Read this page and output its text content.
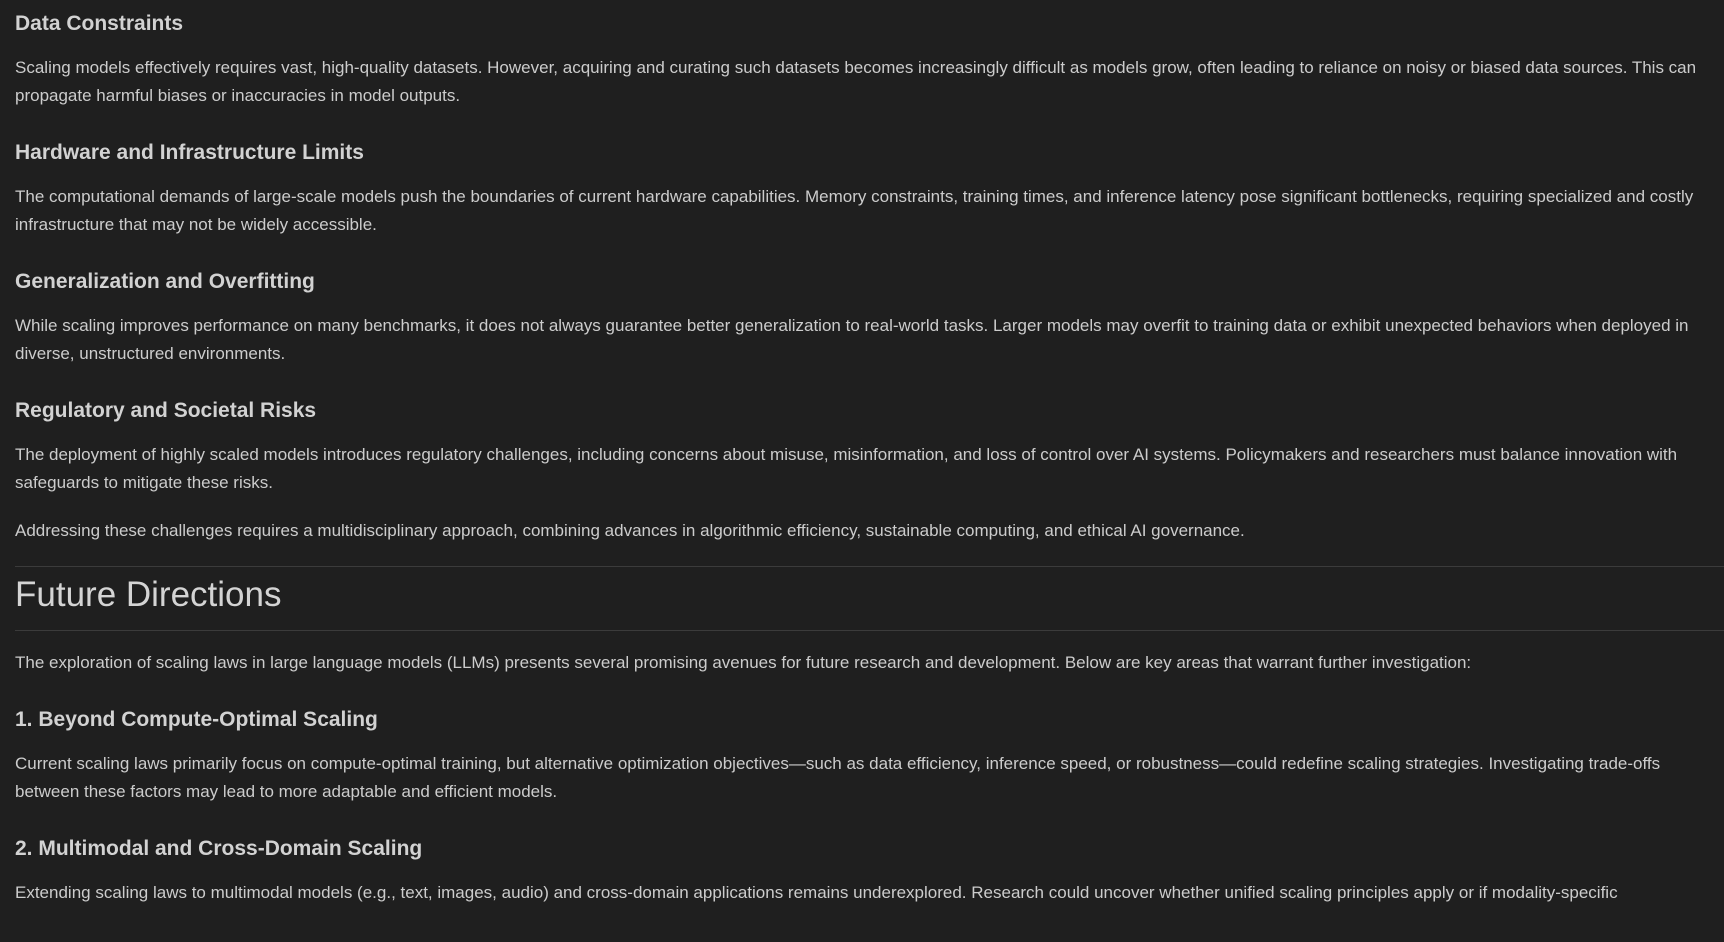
Data Constraints

Scaling models effectively requires vast, high-quality datasets. However, acquiring and curating such datasets becomes increasingly difficult as models grow, often leading to reliance on noisy or biased data sources. This can propagate harmful biases or inaccuracies in model outputs.

Hardware and Infrastructure Limits

The computational demands of large-scale models push the boundaries of current hardware capabilities. Memory constraints, training times, and inference latency pose significant bottlenecks, requiring specialized and costly infrastructure that may not be widely accessible.

Generalization and Overfitting

While scaling improves performance on many benchmarks, it does not always guarantee better generalization to real-world tasks. Larger models may overfit to training data or exhibit unexpected behaviors when deployed in diverse, unstructured environments.

Regulatory and Societal Risks

The deployment of highly scaled models introduces regulatory challenges, including concerns about misuse, misinformation, and loss of control over AI systems. Policymakers and researchers must balance innovation with safeguards to mitigate these risks.

Addressing these challenges requires a multidisciplinary approach, combining advances in algorithmic efficiency, sustainable computing, and ethical AI governance.

Future Directions

The exploration of scaling laws in large language models (LLMs) presents several promising avenues for future research and development. Below are key areas that warrant further investigation:

1. Beyond Compute-Optimal Scaling

Current scaling laws primarily focus on compute-optimal training, but alternative optimization objectives—such as data efficiency, inference speed, or robustness—could redefine scaling strategies. Investigating trade-offs between these factors may lead to more adaptable and efficient models.

2. Multimodal and Cross-Domain Scaling

Extending scaling laws to multimodal models (e.g., text, images, audio) and cross-domain applications remains underexplored. Research could uncover whether unified scaling principles apply or if modality-specific
